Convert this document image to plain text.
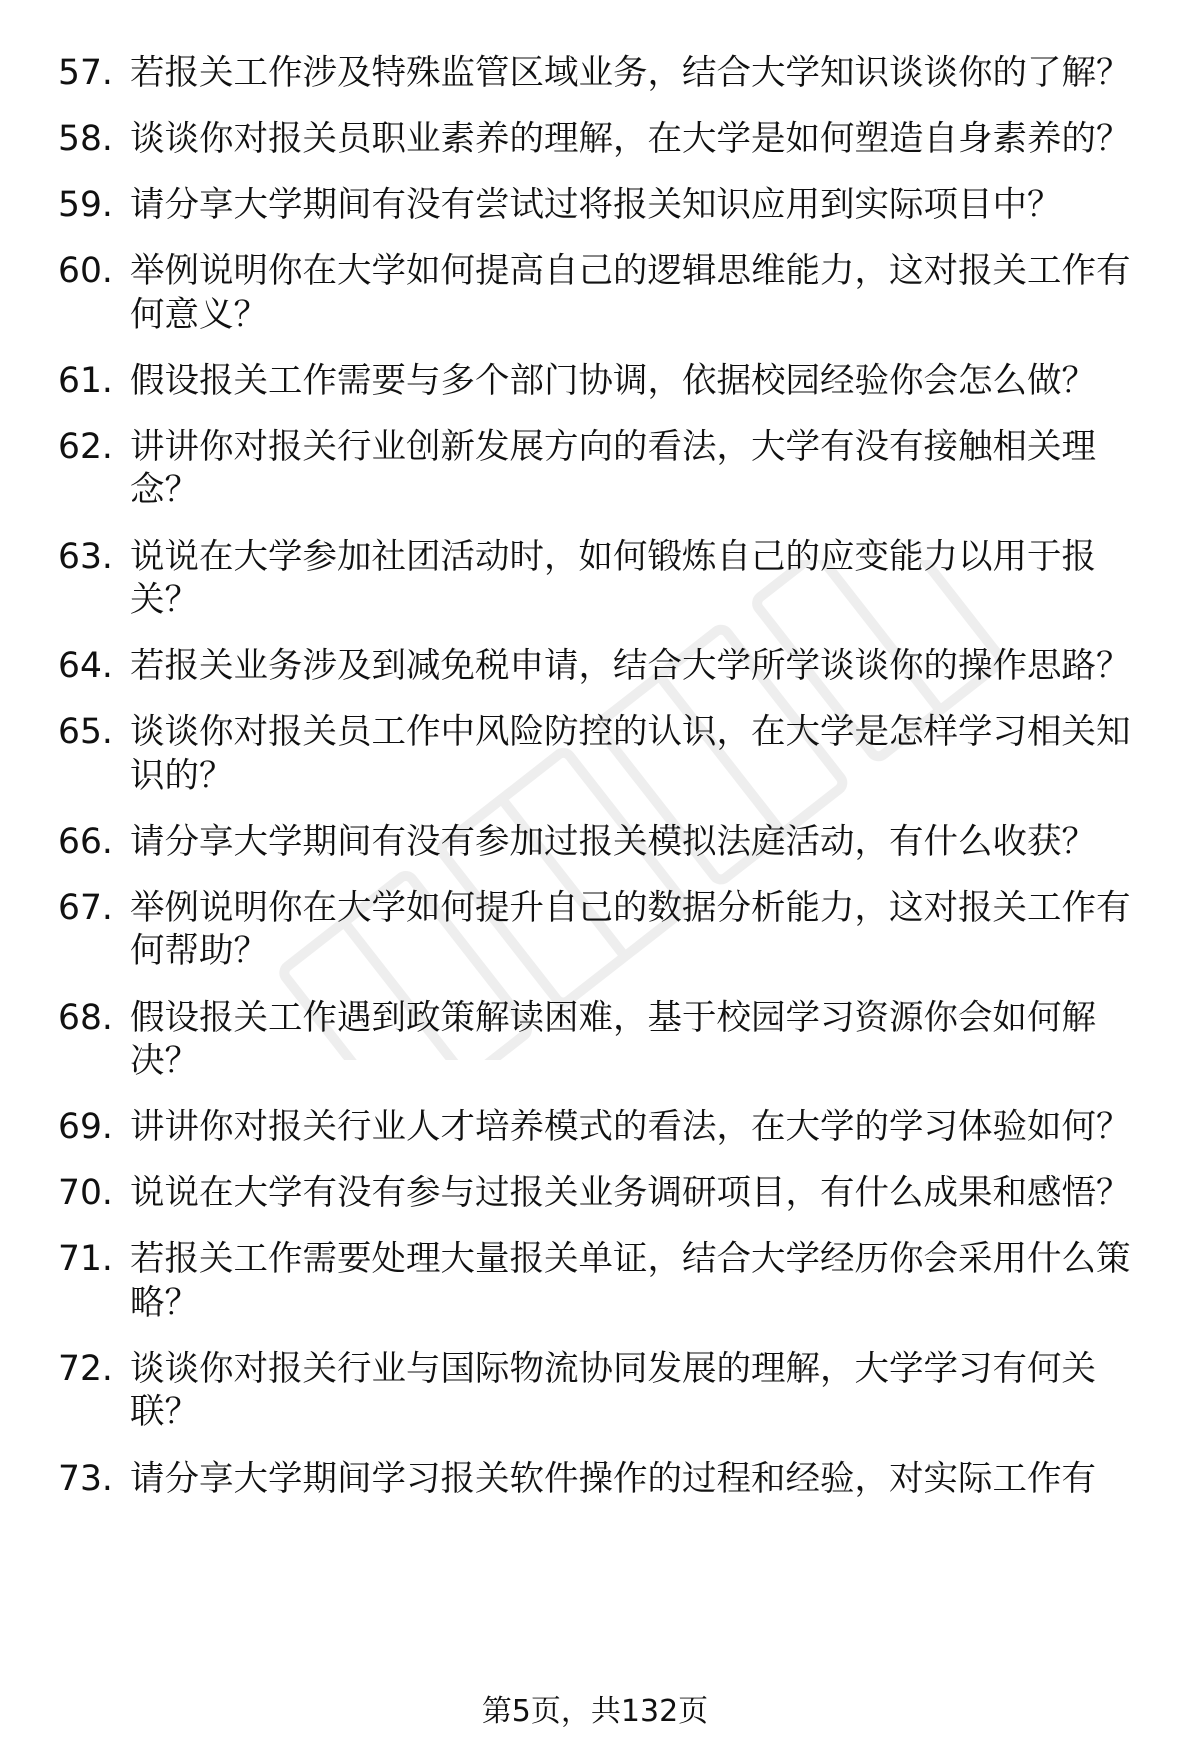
57. 若报关工作涉及特殊监管区域业务，结合大学知识谈谈你的了解？
58. 谈谈你对报关员职业素养的理解，在大学是如何塑造自身素养的？
59. 请分享大学期间有没有尝试过将报关知识应用到实际项目中？
60. 举例说明你在大学如何提高自己的逻辑思维能力，这对报关工作有何意义？
61. 假设报关工作需要与多个部门协调，依据校园经验你会怎么做？
62. 讲讲你对报关行业创新发展方向的看法，大学有没有接触相关理念？
63. 说说在大学参加社团活动时，如何锻炼自己的应变能力以用于报关？
64. 若报关业务涉及到减免税申请，结合大学所学谈谈你的操作思路？
65. 谈谈你对报关员工作中风险防控的认识，在大学是怎样学习相关知识的？
66. 请分享大学期间有没有参加过报关模拟法庭活动，有什么收获？
67. 举例说明你在大学如何提升自己的数据分析能力，这对报关工作有何帮助？
68. 假设报关工作遇到政策解读困难，基于校园学习资源你会如何解决？
69. 讲讲你对报关行业人才培养模式的看法，在大学的学习体验如何？
70. 说说在大学有没有参与过报关业务调研项目，有什么成果和感悟？
71. 若报关工作需要处理大量报关单证，结合大学经历你会采用什么策略？
72. 谈谈你对报关行业与国际物流协同发展的理解，大学学习有何关联？
73. 请分享大学期间学习报关软件操作的过程和经验，对实际工作有
第5页，共132页
